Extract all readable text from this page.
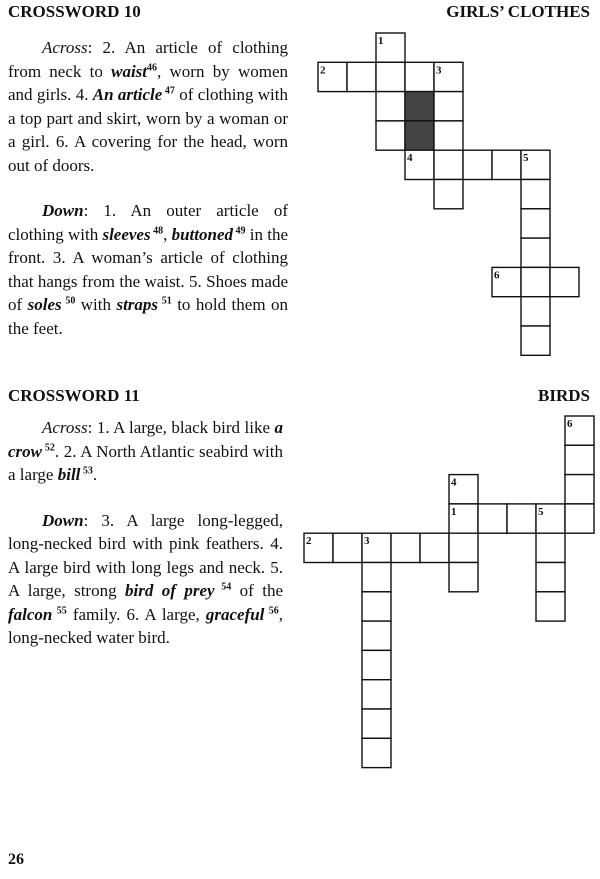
CROSSWORD 10	GIRLS’ CLOTHES

Across: 2. An article of clothing from neck to waist$^{46}$, worn by women and girls. 4. An article $^{47}$ of clothing with a top part and skirt, worn by a woman or a girl. 6. A covering for the head, worn out of doors.

Down: 1. An outer article of clothing with sleeves $^{48}$, buttoned $^{49}$ in the front. 3. A woman’s article of clothing that hangs from the waist. 5. Shoes made of soles $^{50}$ with straps $^{51}$ to hold them on the feet.

CROSSWORD 11	BIRDS

Across: 1. A large, black bird like a crow $^{52}$. 2. A North Atlantic seabird with a large bill $^{53}$.

Down: 3. A large long-legged, long-necked bird with pink feathers. 4. A large bird with long legs and neck. 5. A large, strong bird of prey $^{54}$ of the falcon $^{55}$ family. 6. A large, graceful $^{56}$, long-necked water bird.

1
2	3
4	5
6
6
4
1	5
2	3
26
